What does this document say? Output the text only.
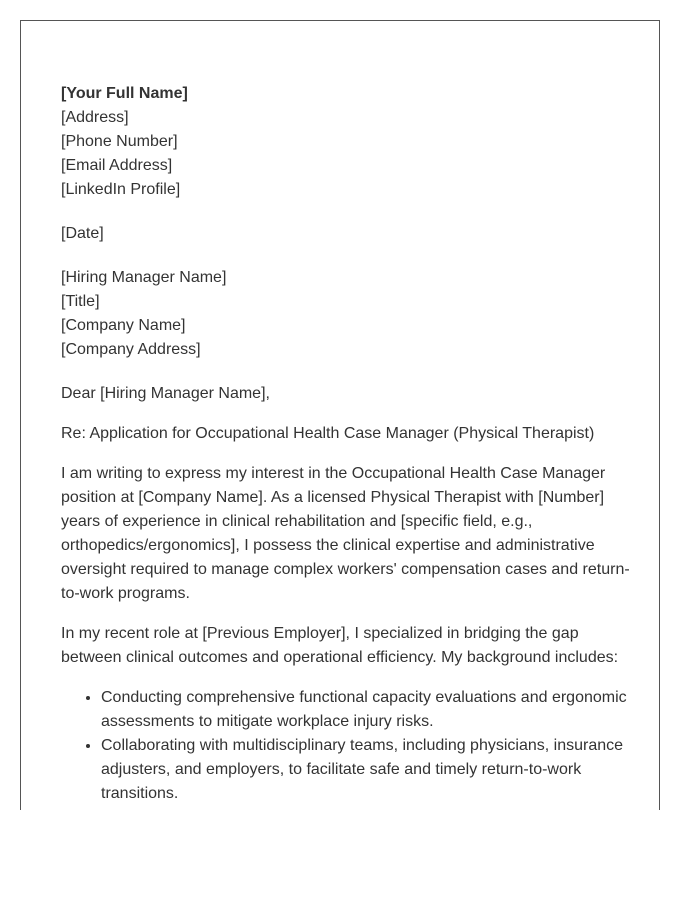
[Your Full Name]
[Address]
[Phone Number]
[Email Address]
[LinkedIn Profile]
[Date]
[Hiring Manager Name]
[Title]
[Company Name]
[Company Address]

Dear [Hiring Manager Name],

Re: Application for Occupational Health Case Manager (Physical Therapist)

I am writing to express my interest in the Occupational Health Case Manager position at [Company Name]. As a licensed Physical Therapist with [Number] years of experience in clinical rehabilitation and [specific field, e.g., orthopedics/ergonomics], I possess the clinical expertise and administrative oversight required to manage complex workers' compensation cases and return-to-work programs.

In my recent role at [Previous Employer], I specialized in bridging the gap between clinical outcomes and operational efficiency. My background includes:

• Conducting comprehensive functional capacity evaluations and ergonomic assessments to mitigate workplace injury risks.
• Collaborating with multidisciplinary teams, including physicians, insurance adjusters, and employers, to facilitate safe and timely return-to-work transitions.
